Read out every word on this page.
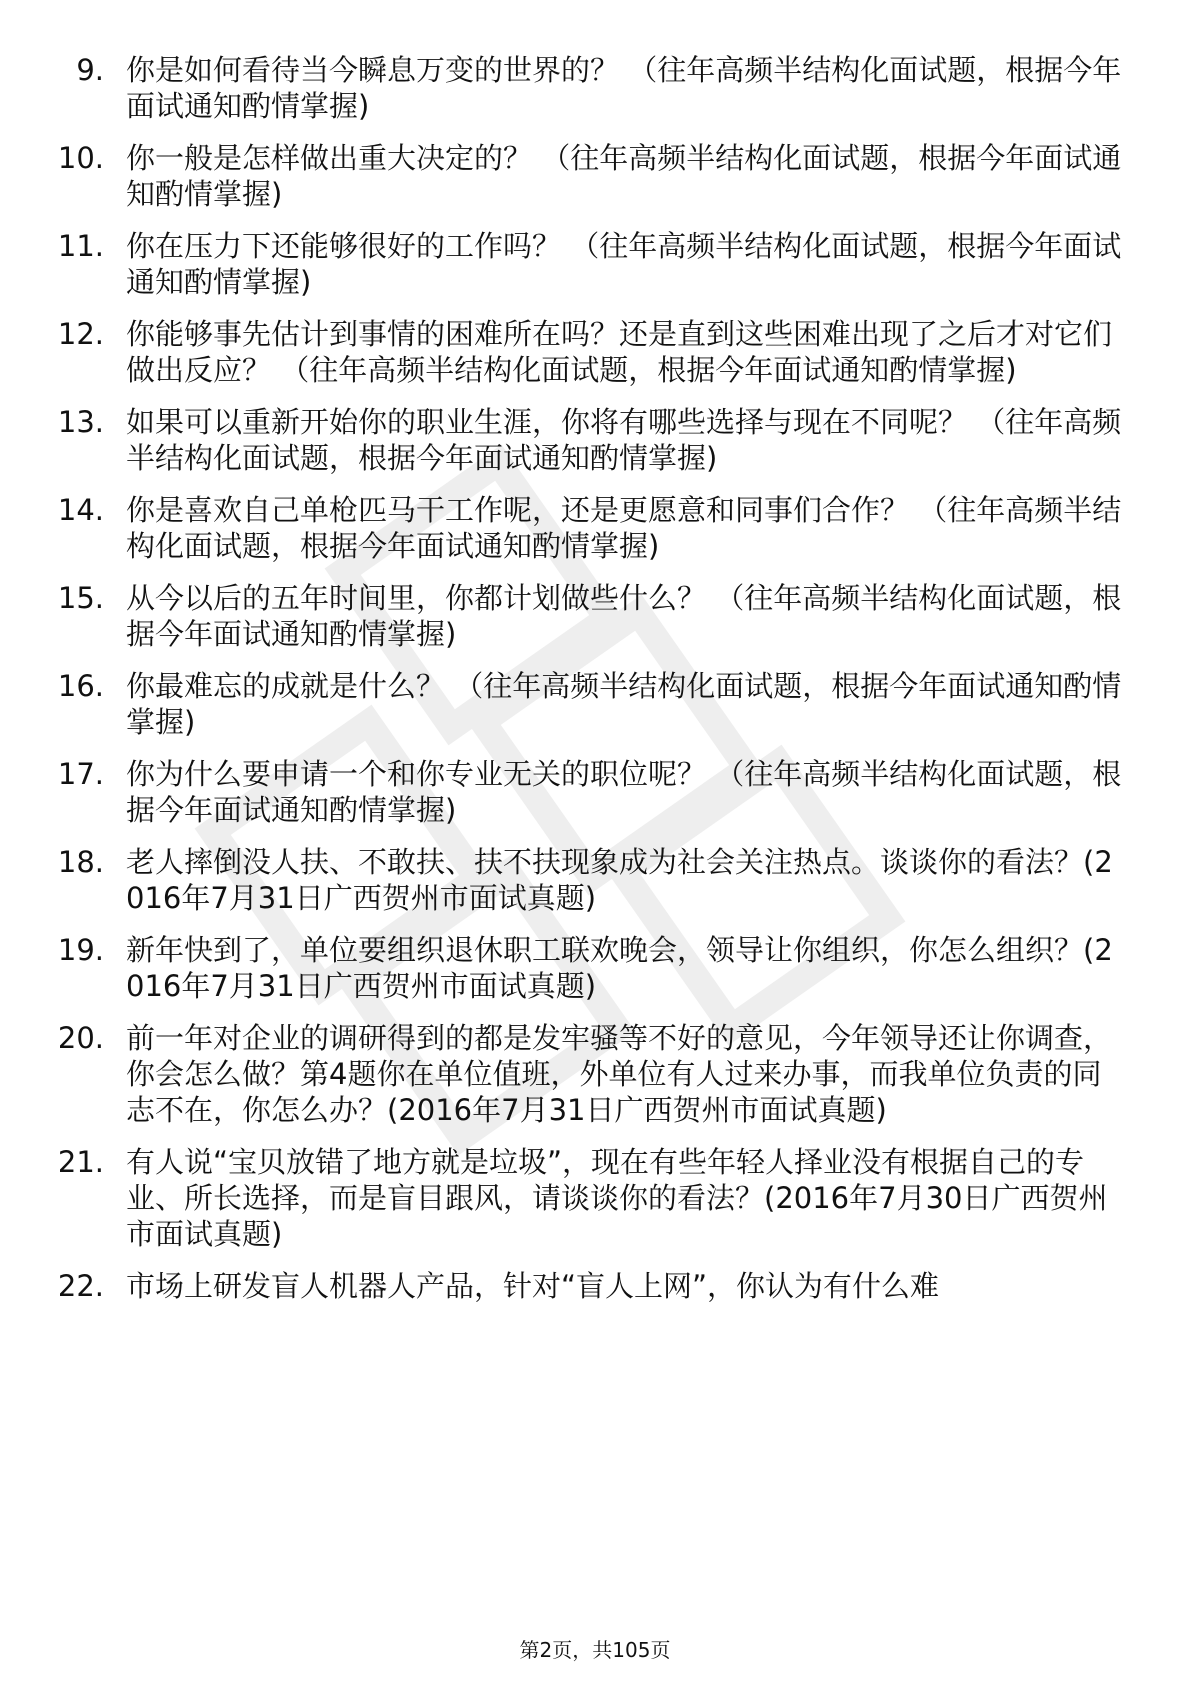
9. 你是如何看待当今瞬息万变的世界的？ （往年高频半结构化面试题，根据今年面试通知酌情掌握)
10. 你一般是怎样做出重大决定的？ （往年高频半结构化面试题，根据今年面试通知酌情掌握)
11. 你在压力下还能够很好的工作吗？ （往年高频半结构化面试题，根据今年面试通知酌情掌握)
12. 你能够事先估计到事情的困难所在吗？还是直到这些困难出现了之后才对它们做出反应？ （往年高频半结构化面试题，根据今年面试通知酌情掌握)
13. 如果可以重新开始你的职业生涯，你将有哪些选择与现在不同呢？ （往年高频半结构化面试题，根据今年面试通知酌情掌握)
14. 你是喜欢自己单枪匹马干工作呢，还是更愿意和同事们合作？ （往年高频半结构化面试题，根据今年面试通知酌情掌握)
15. 从今以后的五年时间里，你都计划做些什么？ （往年高频半结构化面试题，根据今年面试通知酌情掌握)
16. 你最难忘的成就是什么？ （往年高频半结构化面试题，根据今年面试通知酌情掌握)
17. 你为什么要申请一个和你专业无关的职位呢？ （往年高频半结构化面试题，根据今年面试通知酌情掌握)
18. 老人摔倒没人扶、不敢扶、扶不扶现象成为社会关注热点。谈谈你的看法？(2016年7月31日广西贺州市面试真题)
19. 新年快到了，单位要组织退休职工联欢晚会，领导让你组织，你怎么组织？(2016年7月31日广西贺州市面试真题)
20. 前一年对企业的调研得到的都是发牢骚等不好的意见，今年领导还让你调查，你会怎么做？第4题你在单位值班，外单位有人过来办事，而我单位负责的同志不在，你怎么办？(2016年7月31日广西贺州市面试真题)
21. 有人说“宝贝放错了地方就是垃圾”，现在有些年轻人择业没有根据自己的专业、所长选择，而是盲目跟风，请谈谈你的看法？(2016年7月30日广西贺州市面试真题)
22. 市场上研发盲人机器人产品，针对“盲人上网”，你认为有什么难
第2页，共105页
